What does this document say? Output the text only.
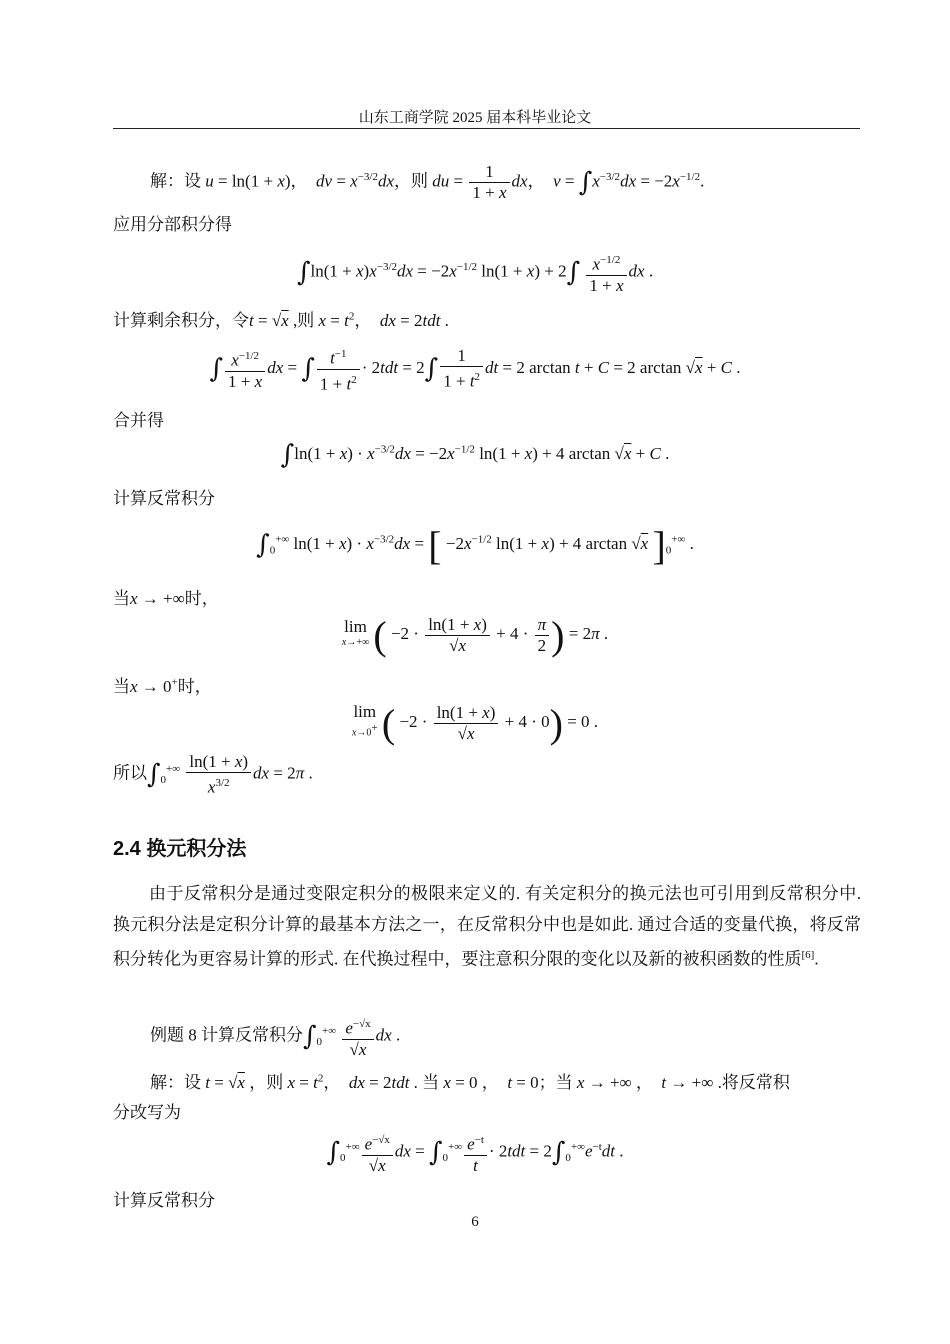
山东工商学院 2025 届本科毕业论文
解：设 u = ln(1 + x)，  dv = $x^{-3/2}dx$，则 du = $\frac{1}{1 + x}$ dx，  $v = \int x^{-3/2}dx = -2x^{-1/2}$.
应用分部积分得
$\int\ln(1 + x)x^{-3/2}dx = -2x^{-1/2}$ $\ln(1 + x) + 2\int \frac{x^{-1/2}}{1 + x}$ dx .
计算剩余积分，令t = √x ,则 $x = t^2$，  dx = 2tdt .
∫ $\frac{x^{-1/2}}{1 + x}$ dx = ∫ $\frac{t^{-1}}{1 + t^2} \cdot 2tdt = 2\int \frac{1}{1 + t^2}$ dt = 2 arctan t + C = 2 arctan √x + C .
合并得
$\int\ln(1 + x) \cdot x^{-3/2}dx = -2x^{-1/2}$ ln(1 + x) + 4 arctan √x + C .
计算反常积分
$\int_0^{+\infty}$ $\ln(1 + x) \cdot x^{-3/2}dx$ = [ $-2x^{-1/2}$ ln(1 + x) + 4 arctan √x ]$_0^{+\infty}$ .
当x → +∞时，
lim
x→+∞ ( $-2 \cdot \frac{\ln(1 + x)}{√x} + 4 \cdot \frac{\pi}{2}$ ) = 2π .
当x → 0+时，
lim
x→0+ ( $-2 \cdot \frac{\ln(1 + x)}{√x} + 4 \cdot 0) = 0$ .
所以$\int_0^{+\infty} \frac{\ln(1 + x)}{x^{3/2}}$ dx = 2π .
2.4 换元积分法
由于反常积分是通过变限定积分的极限来定义的. 有关定积分的换元法也可引用到反常积分中. 换元积分法是定积分计算的最基本方法之一，在反常积分中也是如此. 通过合适的变量代换，将反常积分转化为更容易计算的形式. 在代换过程中，要注意积分限的变化以及新的被积函数的性质[6].
例题 8 计算反常积分$\int_0^{+\infty} \frac{e^{-√x}}{√x}$ dx .
解：设 t = √x ，则 $x = t^2$，  dx = 2tdt . 当 x = 0 ，  t = 0；当 x → +∞ ，  t → +∞ .将反常积
分改写为
$\int_0^{+\infty} \frac{e^{-√x}}{√x}$ dx = $\int_0^{+\infty} \frac{e^{-t}}{t} \cdot 2tdt = 2\int_0^{+\infty}e^{-t}dt$ .
计算反常积分
6
